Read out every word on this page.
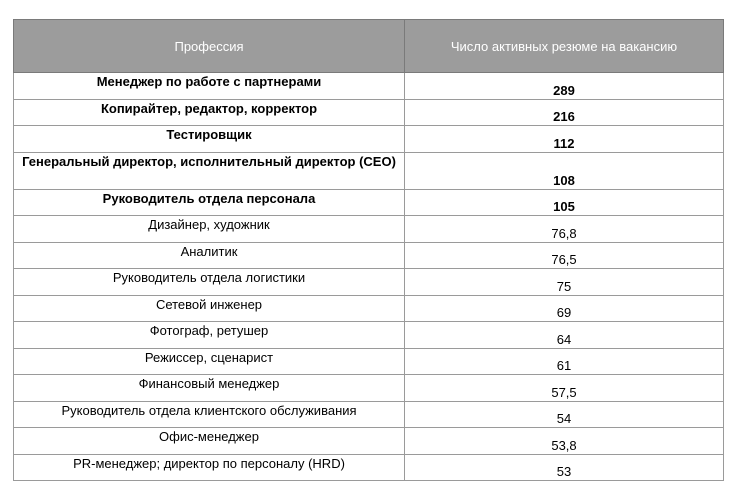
Профессия	Число активных резюме на вакансию
Менеджер по работе с партнерами	289
Копирайтер, редактор, корректор	216
Тестировщик	112
Генеральный директор, исполнительный директор (CEO)	108
Руководитель отдела персонала	105
Дизайнер, художник	76,8
Аналитик	76,5
Руководитель отдела логистики	75
Сетевой инженер	69
Фотограф, ретушер	64
Режиссер, сценарист	61
Финансовый менеджер	57,5
Руководитель отдела клиентского обслуживания	54
Офис-менеджер	53,8
PR-менеджер; директор по персоналу (HRD)	53
